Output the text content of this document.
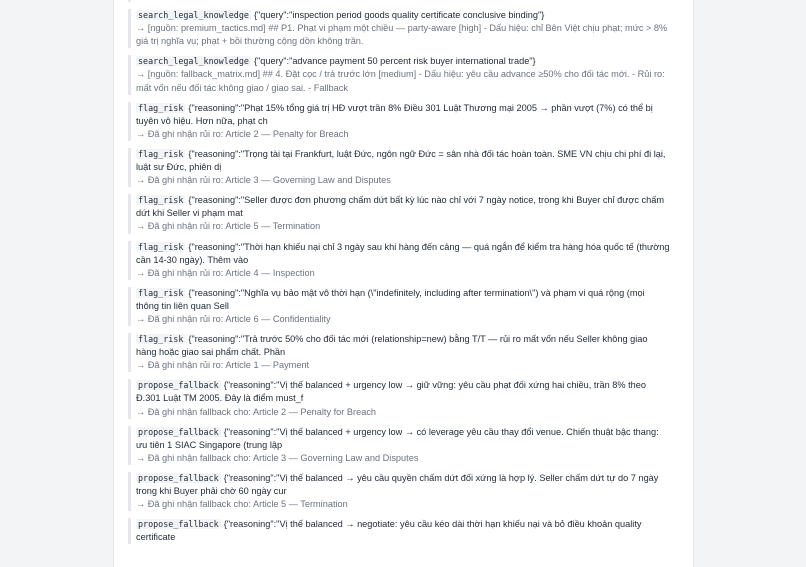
search_legal_knowledge {"query":"inspection period goods quality certificate conclusive binding"}
→ [nguồn: premium_tactics.md] ## P1. Phạt vi phạm một chiều — party-aware [high] - Dấu hiệu: chỉ Bên Việt chịu phạt; mức > 8% giá trị nghĩa vụ; phạt + bồi thường cộng dồn không trần.
search_legal_knowledge {"query":"advance payment 50 percent risk buyer international trade"}
→ [nguồn: fallback_matrix.md] ## 4. Đặt cọc / trả trước lớn [medium] - Dấu hiệu: yêu cầu advance ≥50% cho đối tác mới. - Rủi ro: mất vốn nếu đối tác không giao / giao sai. - Fallback
flag_risk {"reasoning":"Phạt 15% tổng giá trị HĐ vượt trần 8% Điều 301 Luật Thương mại 2005 → phần vượt (7%) có thể bị tuyên vô hiệu. Hơn nữa, phạt ch
→ Đã ghi nhận rủi ro: Article 2 — Penalty for Breach
flag_risk {"reasoning":"Trọng tài tại Frankfurt, luật Đức, ngôn ngữ Đức = sân nhà đối tác hoàn toàn. SME VN chịu chi phí đi lại, luật sư Đức, phiên dị
→ Đã ghi nhận rủi ro: Article 3 — Governing Law and Disputes
flag_risk {"reasoning":"Seller được đơn phương chấm dứt bất kỳ lúc nào chỉ với 7 ngày notice, trong khi Buyer chỉ được chấm dứt khi Seller vi phạm mat
→ Đã ghi nhận rủi ro: Article 5 — Termination
flag_risk {"reasoning":"Thời hạn khiếu nại chỉ 3 ngày sau khi hàng đến cảng — quá ngắn để kiểm tra hàng hóa quốc tế (thường cần 14-30 ngày). Thêm vào
→ Đã ghi nhận rủi ro: Article 4 — Inspection
flag_risk {"reasoning":"Nghĩa vụ bảo mật vô thời hạn (\"indefinitely, including after termination\") và phạm vi quá rộng (mọi thông tin liên quan Sell
→ Đã ghi nhận rủi ro: Article 6 — Confidentiality
flag_risk {"reasoning":"Trả trước 50% cho đối tác mới (relationship=new) bằng T/T — rủi ro mất vốn nếu Seller không giao hàng hoặc giao sai phẩm chất. Phần
→ Đã ghi nhận rủi ro: Article 1 — Payment
propose_fallback {"reasoning":"Vị thế balanced + urgency low → giữ vững: yêu cầu phạt đối xứng hai chiều, trần 8% theo Đ.301 Luật TM 2005. Đây là điểm must_f
→ Đã ghi nhận fallback cho: Article 2 — Penalty for Breach
propose_fallback {"reasoning":"Vị thế balanced + urgency low → có leverage yêu cầu thay đổi venue. Chiến thuật bậc thang: ưu tiên 1 SIAC Singapore (trung lập
→ Đã ghi nhận fallback cho: Article 3 — Governing Law and Disputes
propose_fallback {"reasoning":"Vị thế balanced → yêu cầu quyền chấm dứt đối xứng là hợp lý. Seller chấm dứt tự do 7 ngày trong khi Buyer phải chờ 60 ngày cur
→ Đã ghi nhận fallback cho: Article 5 — Termination
propose_fallback {"reasoning":"Vị thế balanced → negotiate: yêu cầu kéo dài thời hạn khiếu nại và bỏ điều khoản quality certificate
